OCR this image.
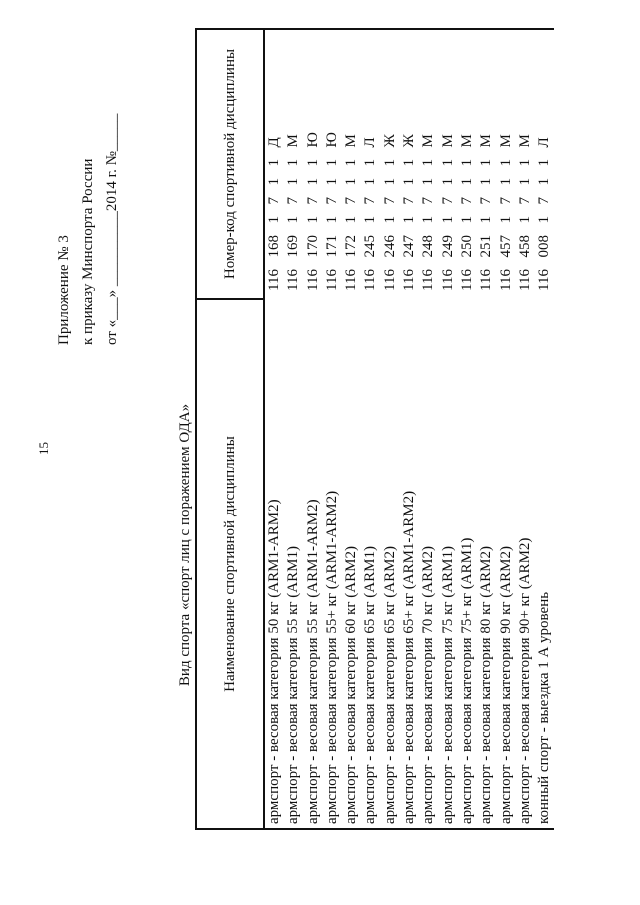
15
Приложение № 3 к приказу Минспорта России от «___» __________2014 г. №_____
Вид спорта «спорт лиц с поражением ОДА» Наименование спортивной дисциплины	Номер-код спортивной дисциплины
армспорт - весовая категория 50 кг (ARM1-ARM2)	116  168  1  7  1  1  Д
армспорт - весовая категория 55 кг (ARM1)	116  169  1  7  1  1  М
армспорт - весовая категория 55 кг (ARM1-ARM2)	116  170  1  7  1  1  Ю
армспорт - весовая категория 55+ кг (ARM1-ARM2)	116  171  1  7  1  1  Ю
армспорт - весовая категория 60 кг (ARM2)	116  172  1  7  1  1  М
армспорт - весовая категория 65 кг (ARM1)	116  245  1  7  1  1  Л
армспорт - весовая категория 65 кг (ARM2)	116  246  1  7  1  1  Ж
армспорт - весовая категория 65+ кг (ARM1-ARM2)	116  247  1  7  1  1  Ж
армспорт - весовая категория 70 кг (ARM2)	116  248  1  7  1  1  М
армспорт - весовая категория 75 кг (ARM1)	116  249  1  7  1  1  М
армспорт - весовая категория 75+ кг (ARM1)	116  250  1  7  1  1  М
армспорт - весовая категория 80 кг (ARM2)	116  251  1  7  1  1  М
армспорт - весовая категория 90 кг (ARM2)	116  457  1  7  1  1  М
армспорт - весовая категория 90+ кг (ARM2)	116  458  1  7  1  1  М
конный спорт - выездка 1 А уровень	116  008  1  7  1  1  Л
